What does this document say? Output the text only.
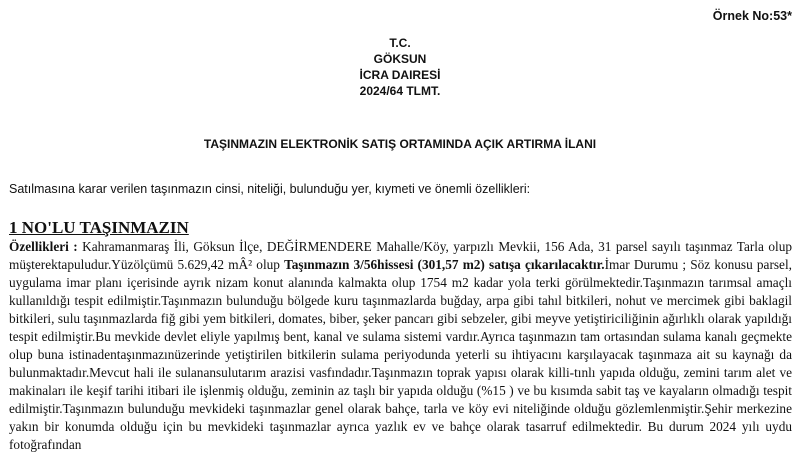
Örnek No:53*
T.C.
GÖKSUN
İCRA DAIRESİ
2024/64 TLMT.
TAŞINMAZIN ELEKTRONİK SATIŞ ORTAMINDA AÇIK ARTIRMA İLANI
Satılmasına karar verilen taşınmazın cinsi, niteliği, bulunduğu yer, kıymeti ve önemli özellikleri:
1 NO'LU TAŞINMAZIN
Özellikleri : Kahramanmaraş İli, Göksun İlçe, DEĞİRMENDERE Mahalle/Köy, yarpızlı Mevkii, 156 Ada, 31 parsel sayılı taşınmaz Tarla olup müşterektapuludur.Yüzölçümü 5.629,42 mÂ² olup Taşınmazın 3/56hissesi (301,57 m2) satışa çıkarılacaktır.İmar Durumu ; Söz konusu parsel, uygulama imar planı içerisinde ayrık nizam konut alanında kalmakta olup 1754 m2 kadar yola terki görülmektedir.Taşınmazın tarımsal amaçlı kullanıldığı tespit edilmiştir.Taşınmazın bulunduğu bölgede kuru taşınmazlarda buğday, arpa gibi tahıl bitkileri, nohut ve mercimek gibi baklagil bitkileri, sulu taşınmazlarda fiğ gibi yem bitkileri, domates, biber, şeker pancarı gibi sebzeler, gibi meyve yetiştiriciliğinin ağırlıklı olarak yapıldığı tespit edilmiştir.Bu mevkide devlet eliyle yapılmış bent, kanal ve sulama sistemi vardır.Ayrıca taşınmazın tam ortasından sulama kanalı geçmekte olup buna istinadentaşınmazınüzerinde yetiştirilen bitkilerin sulama periyodunda yeterli su ihtiyacını karşılayacak taşınmaza ait su kaynağı da bulunmaktadır.Mevcut hali ile sulanansulutarım arazisi vasfındadır.Taşınmazın toprak yapısı olarak killi-tınlı yapıda olduğu, zemini tarım alet ve makinaları ile keşif tarihi itibari ile işlenmiş olduğu, zeminin az taşlı bir yapıda olduğu (%15 ) ve bu kısımda sabit taş ve kayaların olmadığı tespit edilmiştir.Taşınmazın bulunduğu mevkideki taşınmazlar genel olarak bahçe, tarla ve köy evi niteliğinde olduğu gözlemlenmiştir.Şehir merkezine yakın bir konumda olduğu için bu mevkideki taşınmazlar ayrıca yazlık ev ve bahçe olarak tasarruf edilmektedir. Bu durum 2024 yılı uydu fotoğrafından
